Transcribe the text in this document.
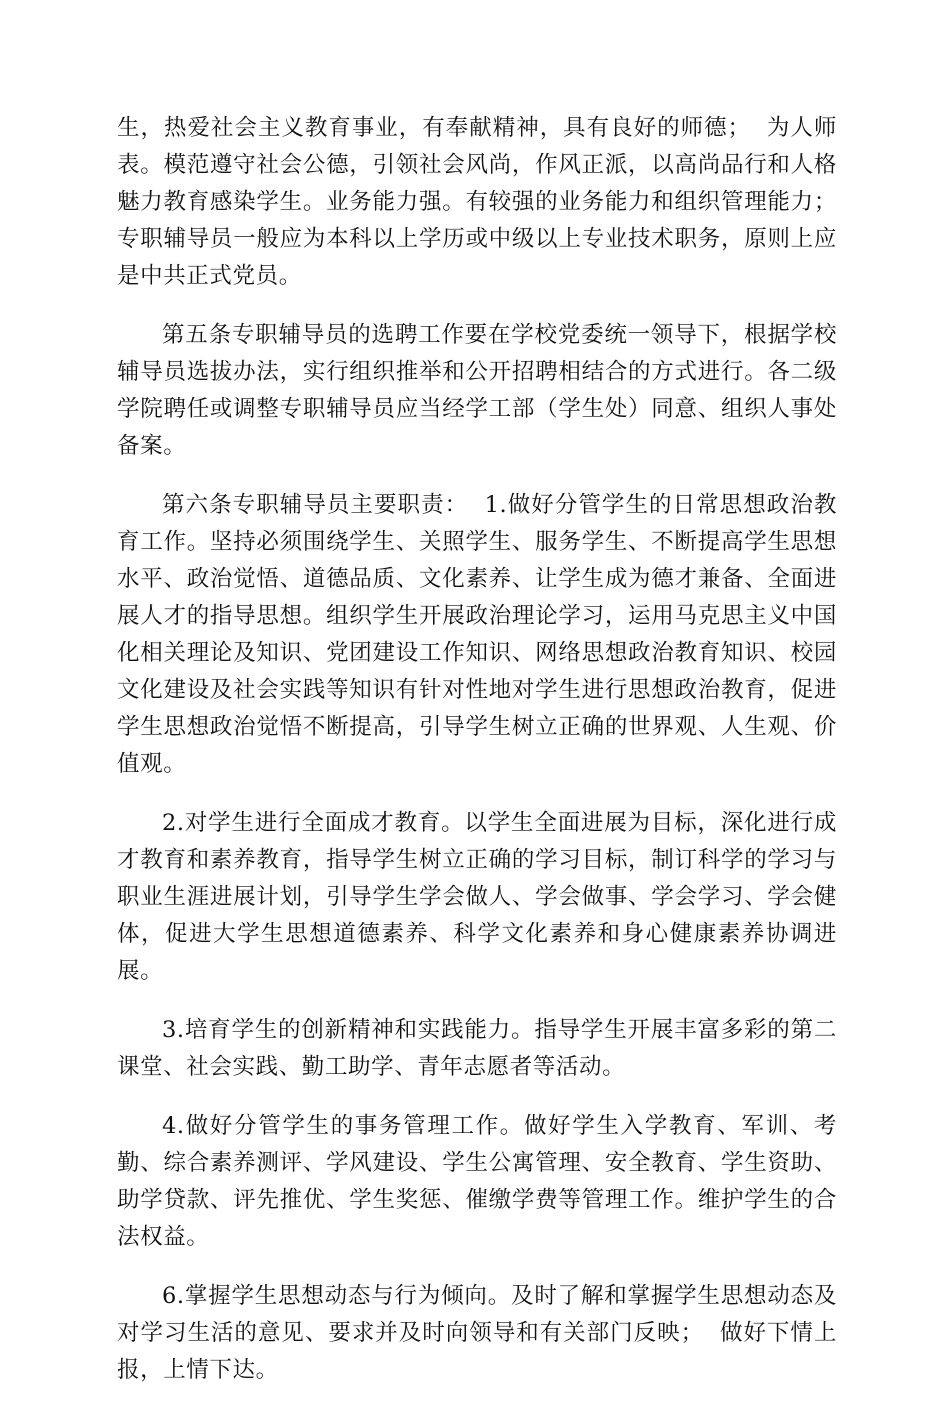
生，热爱社会主义教育事业，有奉献精神，具有良好的师德；  为人师表。模范遵守社会公德，引领社会风尚，作风正派，以高尚品行和人格魅力教育感染学生。业务能力强。有较强的业务能力和组织管理能力；  专职辅导员一般应为本科以上学历或中级以上专业技术职务，原则上应是中共正式党员。

第五条专职辅导员的选聘工作要在学校党委统一领导下，根据学校辅导员选拔办法，实行组织推举和公开招聘相结合的方式进行。各二级学院聘任或调整专职辅导员应当经学工部（学生处）同意、组织人事处备案。

第六条专职辅导员主要职责：  1.做好分管学生的日常思想政治教育工作。坚持必须围绕学生、关照学生、服务学生、不断提高学生思想水平、政治觉悟、道德品质、文化素养、让学生成为德才兼备、全面进展人才的指导思想。组织学生开展政治理论学习，运用马克思主义中国化相关理论及知识、党团建设工作知识、网络思想政治教育知识、校园文化建设及社会实践等知识有针对性地对学生进行思想政治教育，促进学生思想政治觉悟不断提高，引导学生树立正确的世界观、人生观、价值观。

2.对学生进行全面成才教育。以学生全面进展为目标，深化进行成才教育和素养教育，指导学生树立正确的学习目标，制订科学的学习与职业生涯进展计划，引导学生学会做人、学会做事、学会学习、学会健体，促进大学生思想道德素养、科学文化素养和身心健康素养协调进展。

3.培育学生的创新精神和实践能力。指导学生开展丰富多彩的第二课堂、社会实践、勤工助学、青年志愿者等活动。

4.做好分管学生的事务管理工作。做好学生入学教育、军训、考勤、综合素养测评、学风建设、学生公寓管理、安全教育、学生资助、助学贷款、评先推优、学生奖惩、催缴学费等管理工作。维护学生的合法权益。

6.掌握学生思想动态与行为倾向。及时了解和掌握学生思想动态及对学习生活的意见、要求并及时向领导和有关部门反映；  做好下情上报，上情下达。
